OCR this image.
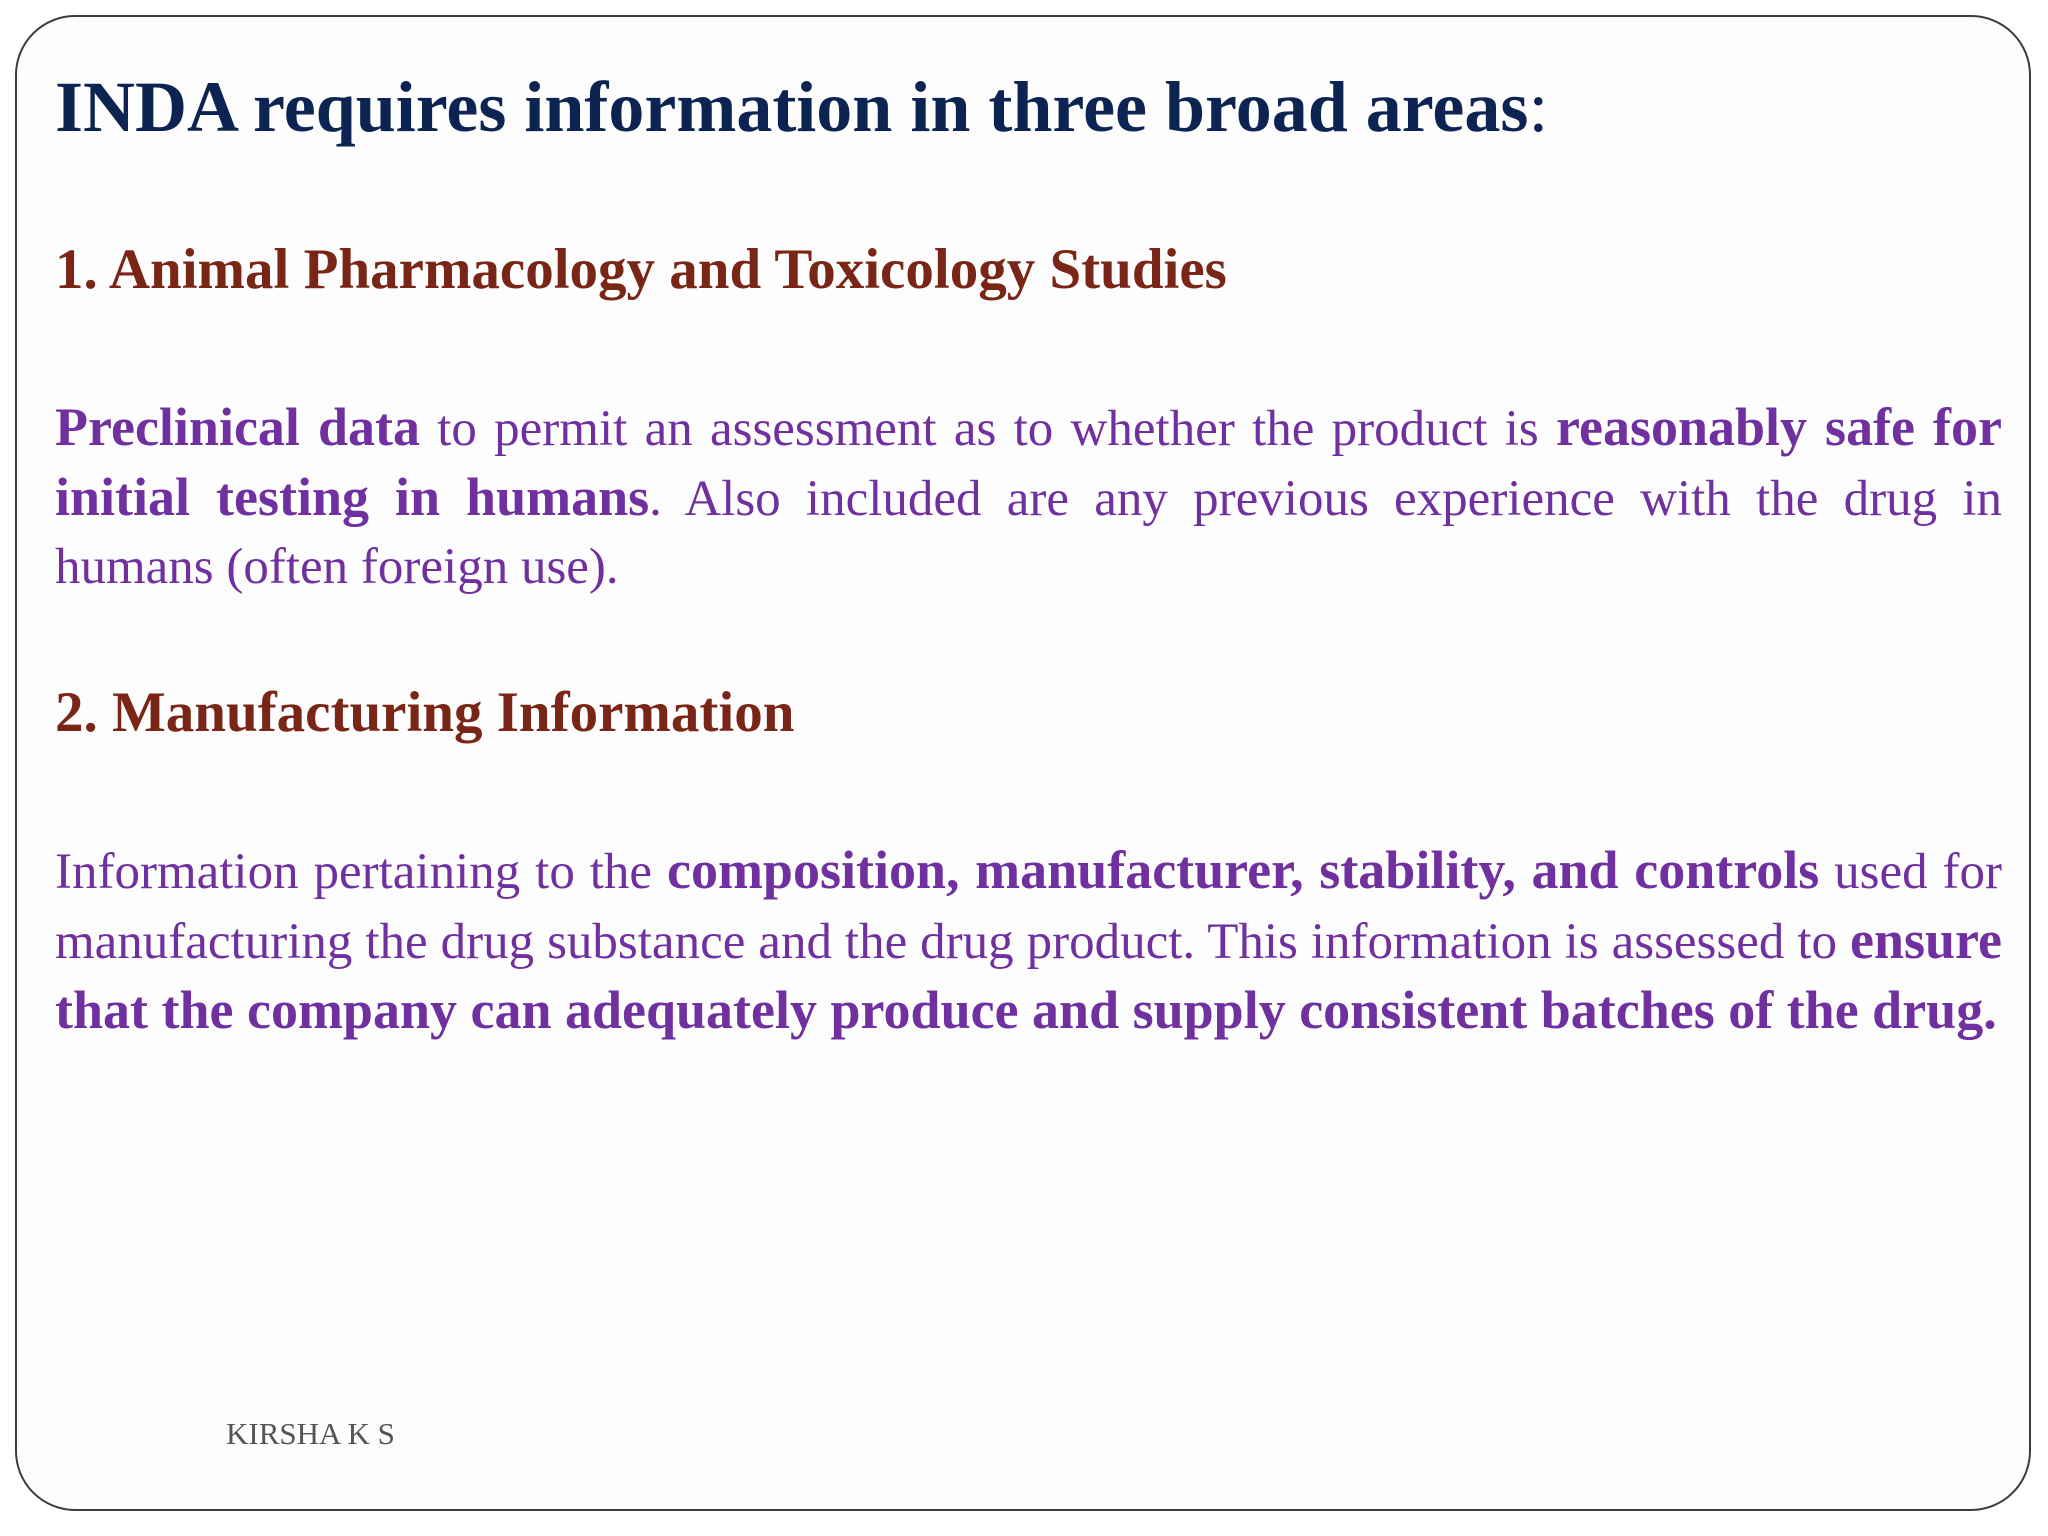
INDA requires information in three broad areas:
1. Animal Pharmacology and Toxicology Studies

Preclinical data to permit an assessment as to whether the product is reasonably safe for initial testing in humans. Also included are any previous experience with the drug in humans (often foreign use).

2. Manufacturing Information

Information pertaining to the composition, manufacturer, stability, and controls used for manufacturing the drug substance and the drug product. This information is assessed to ensure that the company can adequately produce and supply consistent batches of the drug.

KIRSHA K S
